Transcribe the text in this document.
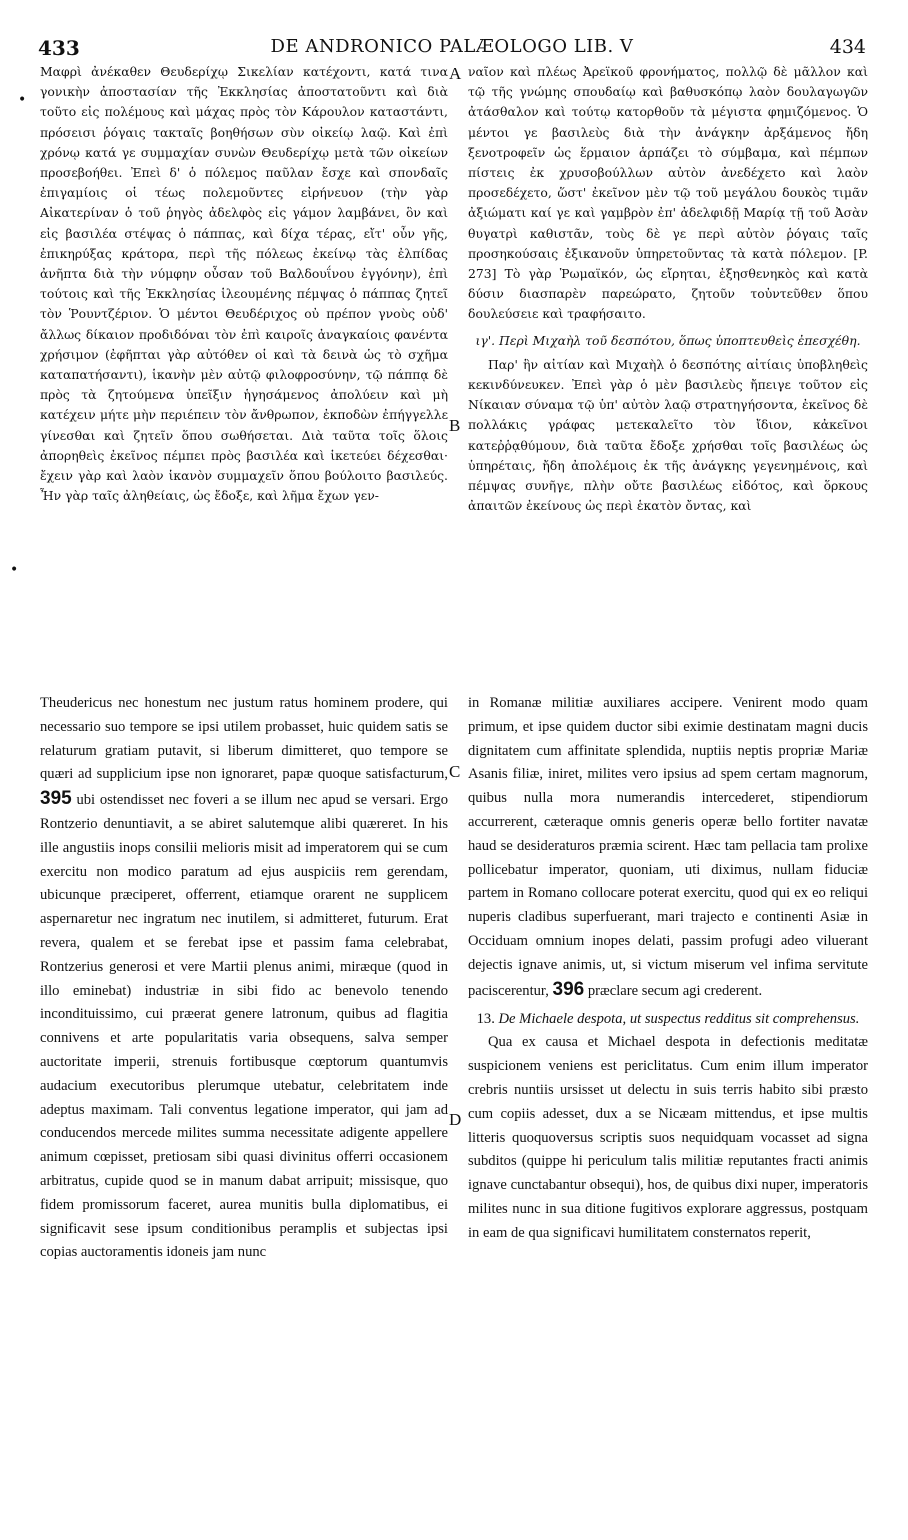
433	DE ANDRONICO PALÆOLOGO LIB. V	434

Μαφρὶ ἀνέκαθεν Θευδερίχῳ Σικελίαν κατέχοντι, κατά τινα γονικὴν ἀποστασίαν τῆς Ἐκκλησίας ἀποστατοῦντι καὶ διὰ τοῦτο εἰς πολέμους καὶ μάχας πρὸς τὸν Κάρουλον καταστάντι, πρόσεισι ῥόγαις τακταῖς βοηθήσων σὺν οἰκείῳ λαῷ. Καὶ ἐπὶ χρόνῳ κατά γε συμμαχίαν συνὼν Θευδερίχῳ μετὰ τῶν οἰκείων προσεβοήθει. Ἐπεὶ δ' ὁ πόλεμος παῦλαν ἔσχε καὶ σπονδαῖς ἐπιγαμίοις οἱ τέως πολεμοῦντες εἰρήνευον (τὴν γὰρ Αἰκατερίναν ὁ τοῦ ῥηγὸς ἀδελφὸς εἰς γάμον λαμβάνει, ὃν καὶ εἰς βασιλέα στέψας ὁ πάππας, καὶ δίχα τέρας, εἴτ' οὖν γῆς, ἐπικηρύξας κράτορα, περὶ τῆς πόλεως ἐκείνῳ τὰς ἐλπίδας ἀνῆπτα διὰ τὴν νύμφην οὖσαν τοῦ Βαλδουΐνου ἐγγόνην), ἐπὶ τούτοις καὶ τῆς Ἐκκλησίας ἱλεουμένης πέμψας ὁ πάππας ζητεῖ τὸν Ῥουντζέριον. Ὁ μέντοι Θευδέριχος οὐ πρέπον γνοὺς οὐδ' ἄλλως δίκαιον προδιδόναι τὸν ἐπὶ καιροῖς ἀναγκαίοις φανέντα χρήσιμον (ἐφῆπται γὰρ αὐτόθεν οἱ καὶ τὰ δεινὰ ὡς τὸ σχῆμα καταπατήσαντι), ἱκανὴν μὲν αὐτῷ φιλοφροσύνην, τῷ πάππᾳ δὲ πρὸς τὰ ζητούμενα ὑπεῖξιν ἡγησάμενος ἀπολύειν καὶ μὴ κατέχειν μήτε μὴν περιέπειν τὸν ἄνθρωπον, ἐκποδὼν ἐπήγγελλε γίνεσθαι καὶ ζητεῖν ὅπου σωθήσεται. Διὰ ταῦτα τοῖς ὅλοις ἀπορηθεὶς ἐκεῖνος πέμπει πρὸς βασιλέα καὶ ἱκετεύει δέχεσθαι· ἔχειν γὰρ καὶ λαὸν ἱκανὸν συμμαχεῖν ὅπου βούλοιτο βασιλεύς. Ἦν γὰρ ταῖς ἀληθείαις, ὡς ἔδοξε, καὶ λῆμα ἔχων γεν-

ναῖον καὶ πλέως Ἀρεϊκοῦ φρονήματος, πολλῷ δὲ μᾶλλον καὶ τῷ τῆς γνώμης σπουδαίῳ καὶ βαθυσκόπῳ λαὸν δουλαγωγῶν ἀτάσθαλον καὶ τούτῳ κατορθοῦν τὰ μέγιστα φημιζόμενος. Ὁ μέντοι γε βασιλεὺς διὰ τὴν ἀνάγκην ἀρξάμενος ἤδη ξενοτροφεῖν ὡς ἕρμαιον ἁρπάζει τὸ σύμβαμα, καὶ πέμπων πίστεις ἐκ χρυσοβούλλων αὐτὸν ἀνεδέχετο καὶ λαὸν προσεδέχετο, ὥστ' ἐκεῖνον μὲν τῷ τοῦ μεγάλου δουκὸς τιμᾶν ἀξιώματι καί γε καὶ γαμβρὸν ἐπ' ἀδελφιδῇ Μαρίᾳ τῇ τοῦ Ἀσὰν θυγατρὶ καθιστᾶν, τοὺς δὲ γε περὶ αὐτὸν ῥόγαις ταῖς προσηκούσαις ἐξικανοῦν ὑπηρετοῦντας τὰ κατὰ πόλεμον. [P. 273] Τὸ γὰρ Ῥωμαϊκόν, ὡς εἴρηται, ἐξησθενηκὸς καὶ κατὰ δύσιν διασπαρὲν παρεώρατο, ζητοῦν τοὐντεῦθεν ὅπου δουλεύσειε καὶ τραφήσαιτο.

ιγ'. Περὶ Μιχαὴλ τοῦ δεσπότου, ὅπως ὑποπτευθεὶς ἐπεσχέθη.

Παρ' ἣν αἰτίαν καὶ Μιχαὴλ ὁ δεσπότης αἰτίαις ὑποβληθεὶς κεκινδύνευκεν. Ἐπεὶ γὰρ ὁ μὲν βασιλεὺς ἤπειγε τοῦτον εἰς Νίκαιαν σύναμα τῷ ὑπ' αὐτὸν λαῷ στρατηγήσοντα, ἐκεῖνος δὲ πολλάκις γράφας μετεκαλεῖτο τὸν ἴδιον, κἀκεῖνοι κατεῤῥᾳθύμουν, διὰ ταῦτα ἔδοξε χρήσθαι τοῖς βασιλέως ὡς ὑπηρέταις, ἤδη ἀπολέμοις ἐκ τῆς ἀνάγκης γεγενημένοις, καὶ πέμψας συνῆγε, πλὴν οὔτε βασιλέως εἰδότος, καὶ ὅρκους ἀπαιτῶν ἐκείνους ὡς περὶ ἑκατὸν ὄντας, καὶ

Theudericus nec honestum nec justum ratus hominem prodere, qui necessario suo tempore se ipsi utilem probasset, huic quidem satis se relaturum gratiam putavit, si liberum dimitteret, quo tempore se quæri ad supplicium ipse non ignoraret, papæ quoque satisfacturum, 395 ubi ostendisset nec foveri a se illum nec apud se versari. Ergo Rontzerio denuntiavit, a se abiret salutemque alibi quæreret. In his ille angustiis inops consilii melioris misit ad imperatorem qui se cum exercitu non modico paratum ad ejus auspiciis rem gerendam, ubicunque præciperet, offerrent, etiamque orarent ne supplicem aspernaretur nec ingratum nec inutilem, si admitteret, futurum. Erat revera, qualem et se ferebat ipse et passim fama celebrabat, Rontzerius generosi et vere Martii plenus animi, miræque (quod in illo eminebat) industriæ in sibi fido ac benevolo tenendo incondituissimo, cui præerat genere latronum, quibus ad flagitia connivens et arte popularitatis varia obsequens, salva semper auctoritate imperii, strenuis fortibusque cœptorum quantumvis audacium executoribus plerumque utebatur, celebritatem inde adeptus maximam. Tali conventus legatione imperator, qui jam ad conducendos mercede milites summa necessitate adigente appellere animum cœpisset, pretiosam sibi quasi divinitus offerri occasionem arbitratus, cupide quod se in manum dabat arripuit; missisque, quo fidem promissorum faceret, aurea munitis bulla diplomatibus, ei significavit sese ipsum conditionibus peramplis et subjectas ipsi copias auctoramentis idoneis jam nunc

in Romanæ militiæ auxiliares accipere. Venirent modo quam primum, et ipse quidem ductor sibi eximie destinatam magni ducis dignitatem cum affinitate splendida, nuptiis neptis propriæ Mariæ Asanis filiæ, iniret, milites vero ipsius ad spem certam magnorum, quibus nulla mora numerandis intercederet, stipendiorum accurrerent, cæteraque omnis generis operæ bello fortiter navatæ haud se desideraturos præmia scirent. Hæc tam pellacia tam prolixe pollicebatur imperator, quoniam, uti diximus, nullam fiduciæ partem in Romano collocare poterat exercitu, quod qui ex eo reliqui nuperis cladibus superfuerant, mari trajecto e continenti Asiæ in Occiduam omnium inopes delati, passim profugi adeo viluerant dejectis ignave animis, ut, si victum miserum vel infima servitute paciscerentur, 396 præclare secum agi crederent.

13. De Michaele despota, ut suspectus redditus sit comprehensus.

Qua ex causa et Michael despota in defectionis meditatæ suspicionem veniens est periclitatus. Cum enim illum imperator crebris nuntiis ursisset ut delectu in suis terris habito sibi præsto cum copiis adesset, dux a se Nicæam mittendus, et ipse multis litteris quoquoversus scriptis suos nequidquam vocasset ad signa subditos (quippe hi periculum talis militiæ reputantes fracti animis ignave cunctabantur obsequi), hos, de quibus dixi nuper, imperatoris milites nunc in sua ditione fugitivos explorare aggressus, postquam in eam de qua significavi humilitatem consternatos reperit,

A
B
C
D
•
•
